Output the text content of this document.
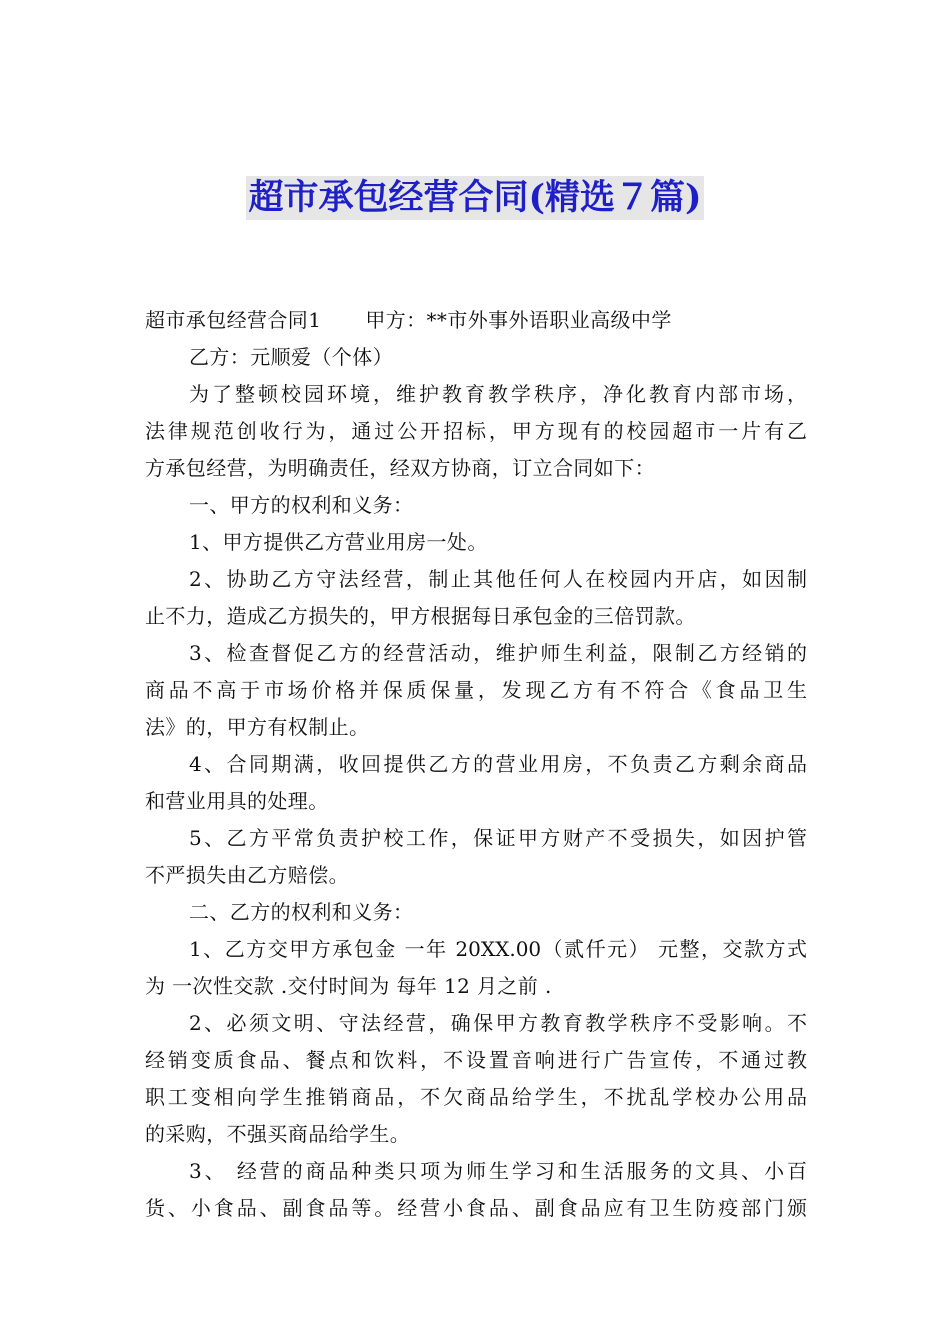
超市承包经营合同(精选７篇)
超市承包经营合同1 甲方：**市外事外语职业高级中学
乙方：元顺爱（个体）
为了整顿校园环境，维护教育教学秩序，净化教育内部市场，
法律规范创收行为，通过公开招标，甲方现有的校园超市一片有乙
方承包经营，为明确责任，经双方协商，订立合同如下：
一、甲方的权利和义务：
1、甲方提供乙方营业用房一处。
2、协助乙方守法经营，制止其他任何人在校园内开店，如因制
止不力，造成乙方损失的，甲方根据每日承包金的三倍罚款。
3、检查督促乙方的经营活动，维护师生利益，限制乙方经销的
商品不高于市场价格并保质保量，发现乙方有不符合《食品卫生
法》的，甲方有权制止。
4、合同期满，收回提供乙方的营业用房，不负责乙方剩余商品
和营业用具的处理。
5、乙方平常负责护校工作，保证甲方财产不受损失，如因护管
不严损失由乙方赔偿。
二、乙方的权利和义务：
1、乙方交甲方承包金 一年 20XX.00（贰仟元） 元整，交款方式
为 一次性交款 .交付时间为 每年 12 月之前 .
2、必须文明、守法经营，确保甲方教育教学秩序不受影响。不
经销变质食品、餐点和饮料，不设置音响进行广告宣传，不通过教
职工变相向学生推销商品，不欠商品给学生，不扰乱学校办公用品
的采购，不强买商品给学生。
3、 经营的商品种类只项为师生学习和生活服务的文具、小百
货、小食品、副食品等。经营小食品、副食品应有卫生防疫部门颁
